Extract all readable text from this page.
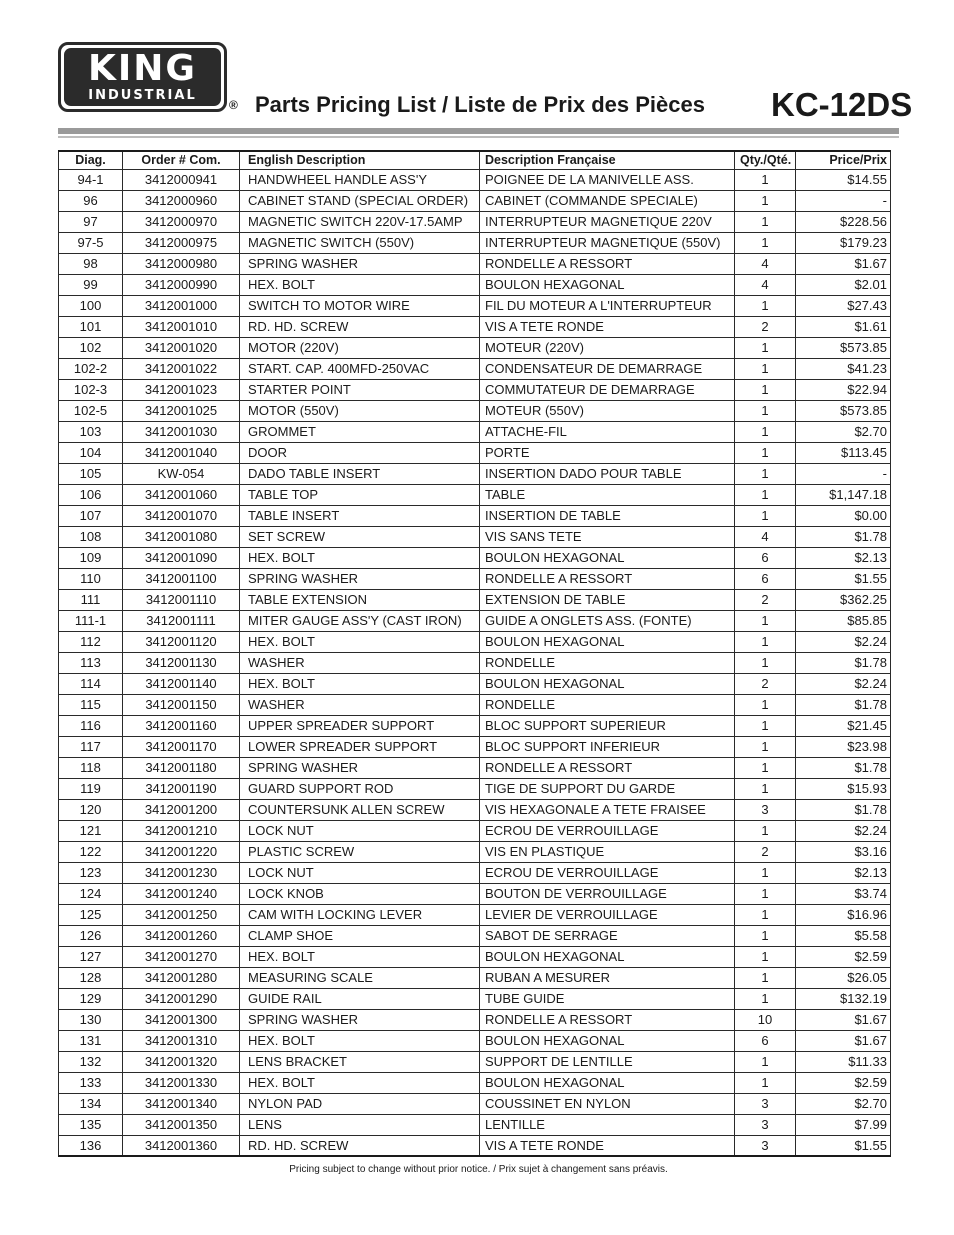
KING
INDUSTRIAL
® Parts Pricing List / Liste de Prix des Pièces KC-12DS
Diag.	Order # Com.	English Description	Description Française	Qty./Qté.	Price/Prix
94-1	3412000941	HANDWHEEL HANDLE ASS'Y	POIGNEE DE LA MANIVELLE ASS.	1	$14.55
96	3412000960	CABINET STAND (SPECIAL ORDER)	CABINET (COMMANDE SPECIALE)	1	-
97	3412000970	MAGNETIC SWITCH 220V-17.5AMP	INTERRUPTEUR MAGNETIQUE 220V	1	$228.56
97-5	3412000975	MAGNETIC SWITCH (550V)	INTERRUPTEUR MAGNETIQUE (550V)	1	$179.23
98	3412000980	SPRING WASHER	RONDELLE A RESSORT	4	$1.67
99	3412000990	HEX. BOLT	BOULON HEXAGONAL	4	$2.01
100	3412001000	SWITCH TO MOTOR WIRE	FIL DU MOTEUR A L'INTERRUPTEUR	1	$27.43
101	3412001010	RD. HD. SCREW	VIS A TETE RONDE	2	$1.61
102	3412001020	MOTOR (220V)	MOTEUR (220V)	1	$573.85
102-2	3412001022	START. CAP. 400MFD-250VAC	CONDENSATEUR DE DEMARRAGE	1	$41.23
102-3	3412001023	STARTER POINT	COMMUTATEUR DE DEMARRAGE	1	$22.94
102-5	3412001025	MOTOR (550V)	MOTEUR (550V)	1	$573.85
103	3412001030	GROMMET	ATTACHE-FIL	1	$2.70
104	3412001040	DOOR	PORTE	1	$113.45
105	KW-054	DADO TABLE INSERT	INSERTION DADO POUR TABLE	1	-
106	3412001060	TABLE TOP	TABLE	1	$1,147.18
107	3412001070	TABLE INSERT	INSERTION DE TABLE	1	$0.00
108	3412001080	SET SCREW	VIS SANS TETE	4	$1.78
109	3412001090	HEX. BOLT	BOULON HEXAGONAL	6	$2.13
110	3412001100	SPRING WASHER	RONDELLE A RESSORT	6	$1.55
111	3412001110	TABLE EXTENSION	EXTENSION DE TABLE	2	$362.25
111-1	3412001111	MITER GAUGE ASS'Y (CAST IRON)	GUIDE A ONGLETS ASS. (FONTE)	1	$85.85
112	3412001120	HEX. BOLT	BOULON HEXAGONAL	1	$2.24
113	3412001130	WASHER	RONDELLE	1	$1.78
114	3412001140	HEX. BOLT	BOULON HEXAGONAL	2	$2.24
115	3412001150	WASHER	RONDELLE	1	$1.78
116	3412001160	UPPER SPREADER SUPPORT	BLOC SUPPORT SUPERIEUR	1	$21.45
117	3412001170	LOWER SPREADER SUPPORT	BLOC SUPPORT INFERIEUR	1	$23.98
118	3412001180	SPRING WASHER	RONDELLE A RESSORT	1	$1.78
119	3412001190	GUARD SUPPORT ROD	TIGE DE SUPPORT DU GARDE	1	$15.93
120	3412001200	COUNTERSUNK ALLEN SCREW	VIS HEXAGONALE A TETE FRAISEE	3	$1.78
121	3412001210	LOCK NUT	ECROU DE VERROUILLAGE	1	$2.24
122	3412001220	PLASTIC SCREW	VIS EN PLASTIQUE	2	$3.16
123	3412001230	LOCK NUT	ECROU DE VERROUILLAGE	1	$2.13
124	3412001240	LOCK KNOB	BOUTON DE VERROUILLAGE	1	$3.74
125	3412001250	CAM WITH LOCKING LEVER	LEVIER DE VERROUILLAGE	1	$16.96
126	3412001260	CLAMP SHOE	SABOT DE SERRAGE	1	$5.58
127	3412001270	HEX. BOLT	BOULON HEXAGONAL	1	$2.59
128	3412001280	MEASURING SCALE	RUBAN A MESURER	1	$26.05
129	3412001290	GUIDE RAIL	TUBE GUIDE	1	$132.19
130	3412001300	SPRING WASHER	RONDELLE A RESSORT	10	$1.67
131	3412001310	HEX. BOLT	BOULON HEXAGONAL	6	$1.67
132	3412001320	LENS BRACKET	SUPPORT DE LENTILLE	1	$11.33
133	3412001330	HEX. BOLT	BOULON HEXAGONAL	1	$2.59
134	3412001340	NYLON PAD	COUSSINET EN NYLON	3	$2.70
135	3412001350	LENS	LENTILLE	3	$7.99
136	3412001360	RD. HD. SCREW	VIS A TETE RONDE	3	$1.55
Pricing subject to change without prior notice. / Prix sujet à changement sans préavis.
